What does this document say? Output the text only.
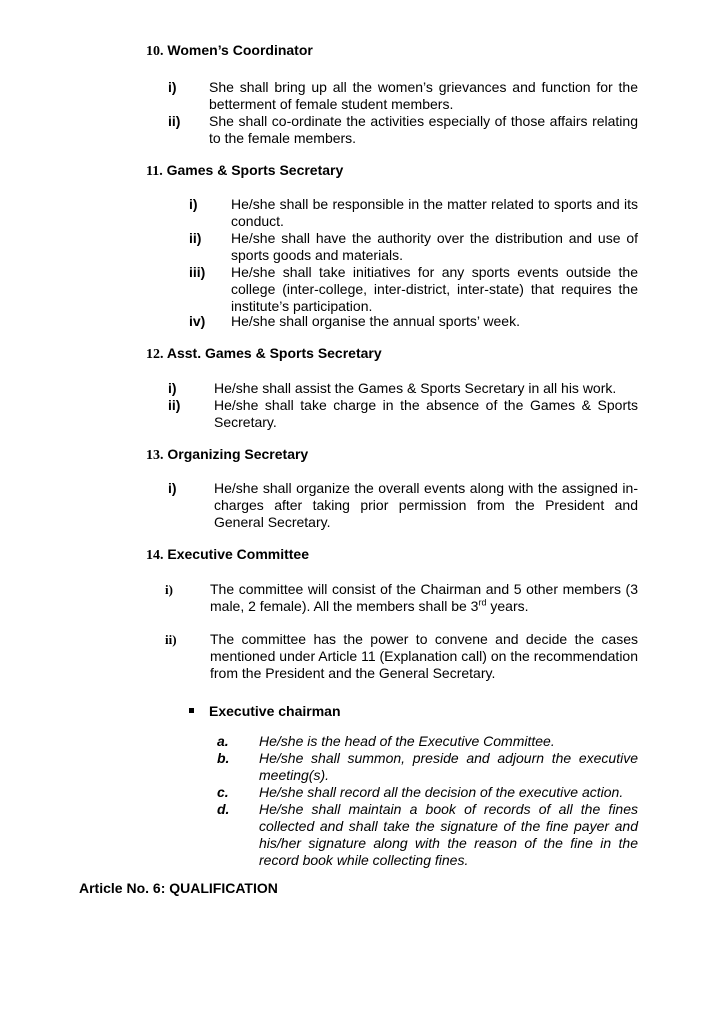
10. Women’s Coordinator
i) She shall bring up all the women’s grievances and function for the betterment of female student members.
ii) She shall co-ordinate the activities especially of those affairs relating to the female members.
11. Games & Sports Secretary
i) He/she shall be responsible in the matter related to sports and its conduct.
ii) He/she shall have the authority over the distribution and use of sports goods and materials.
iii) He/she shall take initiatives for any sports events outside the college (inter-college, inter-district, inter-state) that requires the institute’s participation.
iv) He/she shall organise the annual sports’ week.
12. Asst. Games & Sports Secretary
i)	He/she shall assist the Games & Sports Secretary in all his work.
ii) He/she shall take charge in the absence of the Games & Sports Secretary.
13. Organizing Secretary
i)	He/she shall organize the overall events along with the assigned in-charges after taking prior permission from the President and General Secretary.
14. Executive Committee
i)	The committee will consist of the Chairman and 5 other members (3 male, 2 female). All the members shall be 3rd years.
ii) The committee has the power to convene and decide the cases mentioned under Article 11 (Explanation call) on the recommendation from the President and the General Secretary.
Executive chairman
a. He/she is the head of the Executive Committee.
b. He/she shall summon, preside and adjourn the executive meeting(s).
c. He/she shall record all the decision of the executive action.
d. He/she shall maintain a book of records of all the fines collected and shall take the signature of the fine payer and his/her signature along with the reason of the fine in the record book while collecting fines.
Article No. 6: QUALIFICATION
